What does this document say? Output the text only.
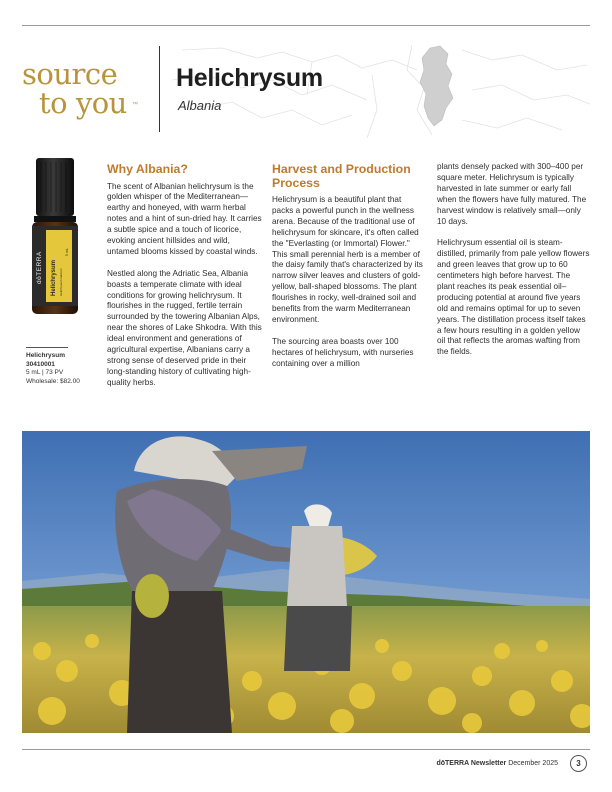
source
to you ™
Helichrysum
Albania
dōTERRA Helichrysum Helichrysum italicum
5 mL
Helichrysum
30410001
5 mL | 73 PV
Wholesale: $82.00
Why Albania?

The scent of Albanian helichrysum is the golden whisper of the Mediterranean—earthy and honeyed, with warm herbal notes and a hint of sun-dried hay. It carries a subtle spice and a touch of licorice, evoking ancient hillsides and wild, untamed blooms kissed by coastal winds.

Nestled along the Adriatic Sea, Albania boasts a temperate climate with ideal conditions for growing helichrysum. It flourishes in the rugged, fertile terrain surrounded by the towering Albanian Alps, near the shores of Lake Shkodra. With this ideal environment and generations of agricultural expertise, Albanians carry a strong sense of deserved pride in their long-standing history of cultivating high-quality herbs.

Harvest and Production Process

Helichrysum is a beautiful plant that packs a powerful punch in the wellness arena. Because of the traditional use of helichrysum for skincare, it's often called the "Everlasting (or Immortal) Flower." This small perennial herb is a member of the daisy family that's characterized by its narrow silver leaves and clusters of gold-yellow, ball-shaped blossoms. The plant flourishes in rocky, well-drained soil and benefits from the warm Mediterranean environment.

The sourcing area boasts over 100 hectares of helichrysum, with nurseries containing over a million

plants densely packed with 300–400 per square meter. Helichrysum is typically harvested in late summer or early fall when the flowers have fully matured. The harvest window is relatively small—only 10 days.

Helichrysum essential oil is steam-distilled, primarily from pale yellow flowers and green leaves that grow up to 60 centimeters high before harvest. The plant reaches its peak essential oil–producing potential at around five years old and remains optimal for up to seven years. The distillation process itself takes a few hours resulting in a golden yellow oil that reflects the aromas wafting from the fields.

dōTERRA Newsletter December 2025	3
